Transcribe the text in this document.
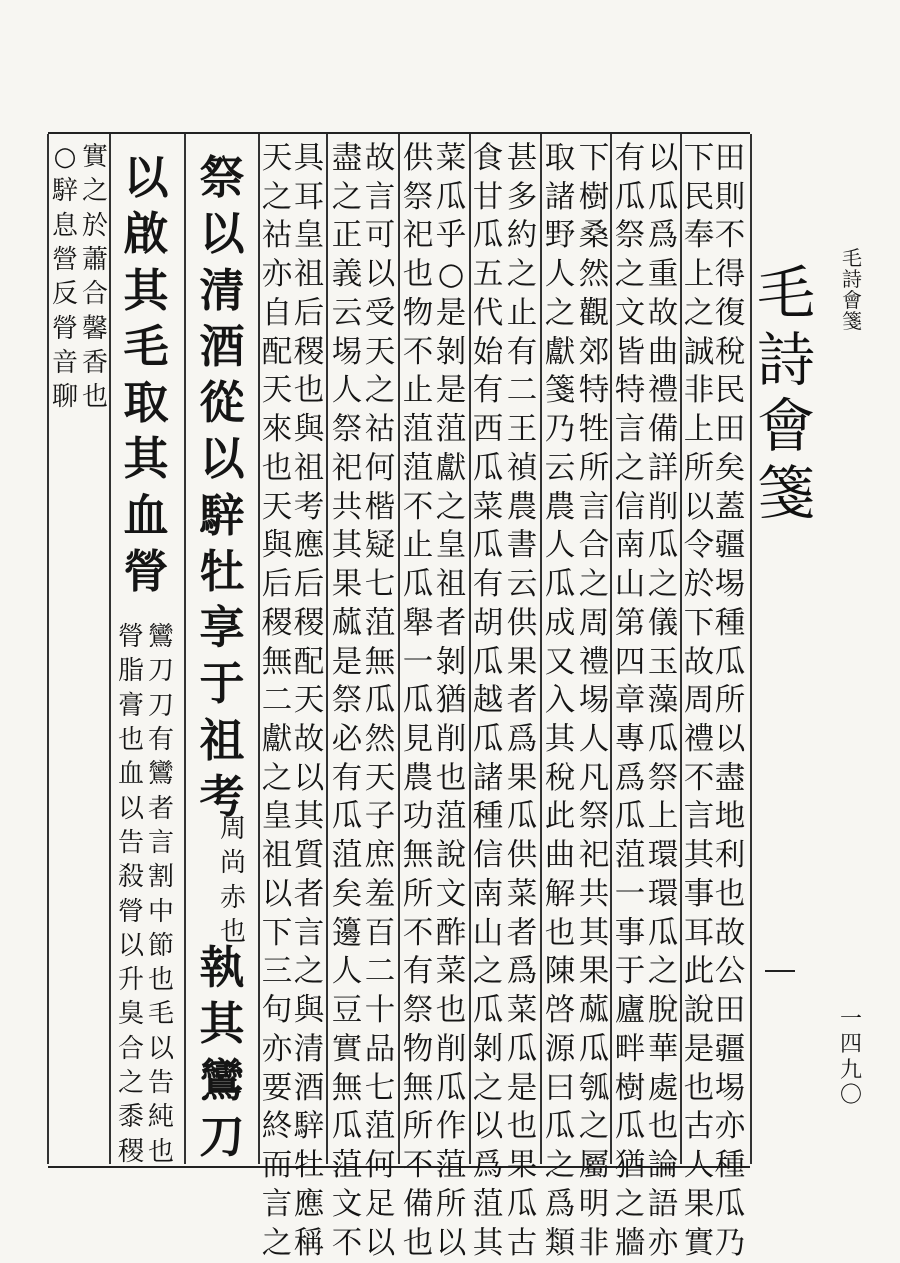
毛
詩
會
箋
毛
詩
會
箋
一
四
九
〇
田
則
不
得
復
稅
民
田
矣
蓋
疆
埸
種
瓜
所
以
盡
地
利
也
故
公
田
疆
埸
亦
種
瓜
乃
下
民
奉
上
之
誠
非
上
所
以
令
於
下
故
周
禮
不
言
其
事
耳
此
說
是
也
古
人
果
實
以
瓜
爲
重
故
曲
禮
備
詳
削
瓜
之
儀
玉
藻
瓜
祭
上
環
環
瓜
之
脫
華
處
也
論
語
亦
有
瓜
祭
之
文
皆
特
言
之
信
南
山
第
四
章
專
爲
瓜
菹
一
事
于
廬
畔
樹
瓜
猶
之
牆
下
樹
桑
然
觀
郊
特
牲
所
言
合
之
周
禮
埸
人
凡
祭
祀
共
其
果
蓏
瓜
瓠
之
屬
明
非
取
諸
野
人
之
獻
箋
乃
云
農
人
瓜
成
又
入
其
稅
此
曲
解
也
陳
啓
源
曰
瓜
之
爲
類
甚
多
約
之
止
有
二
王
禎
農
書
云
供
果
者
爲
果
瓜
供
菜
者
爲
菜
瓜
是
也
果
瓜
古
食
甘
瓜
五
代
始
有
西
瓜
菜
瓜
有
胡
瓜
越
瓜
諸
種
信
南
山
之
瓜
剝
之
以
爲
菹
其
菜
瓜
乎
○
是
剝
是
菹
獻
之
皇
祖
者
剝
猶
削
也
菹
說
文
酢
菜
也
削
瓜
作
菹
所
以
供
祭
祀
也
物
不
止
菹
菹
不
止
瓜
舉
一
瓜
見
農
功
無
所
不
有
祭
物
無
所
不
備
也
故
言
可
以
受
天
之
祜
何
楷
疑
七
菹
無
瓜
然
天
子
庶
羞
百
二
十
品
七
菹
何
足
以
盡
之
正
義
云
埸
人
祭
祀
共
其
果
蓏
是
祭
必
有
瓜
菹
矣
籩
人
豆
實
無
瓜
菹
文
不
具
耳
皇
祖
后
稷
也
與
祖
考
應
后
稷
配
天
故
以
其
質
者
言
之
與
清
酒
騂
牡
應
稱
天
之
祜
亦
自
配
天
來
也
天
與
后
稷
無
二
獻
之
皇
祖
以
下
三
句
亦
要
終
而
言
之
祭
以
清
酒
從
以
騂
牡
享
于
祖
考
周
尚
赤
也
執
其
鸞
刀
以
啟
其
毛
取
其
血
膋
鸞
刀
刀
有
鸞
者
言
割
中
節
也
毛
以
告
純
也
膋
脂
膏
也
血
以
告
殺
膋
以
升
臭
合
之
黍
稷
實
之
於
蕭
合
馨
香
也
○
騂
息
營
反
膋
音
聊
